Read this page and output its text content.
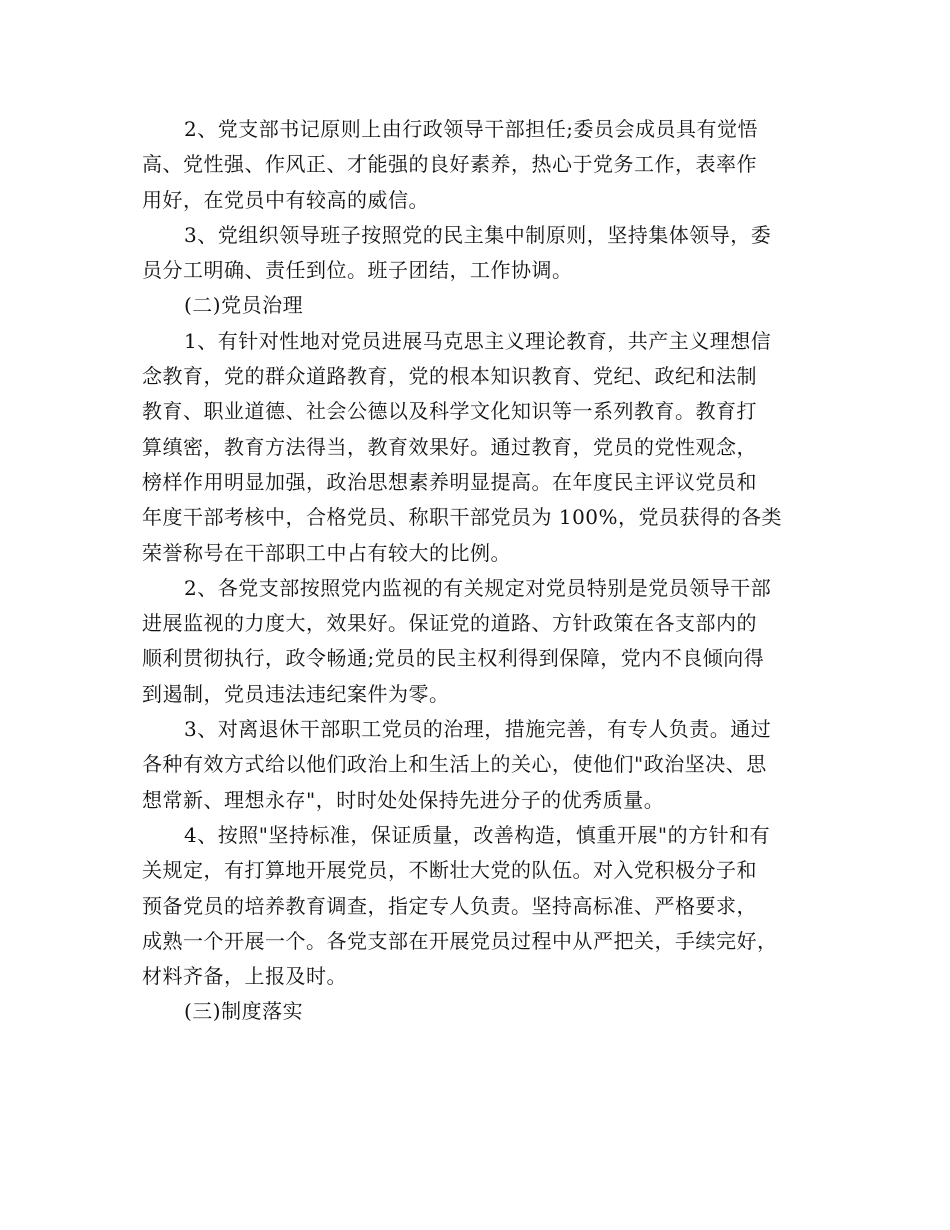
2、党支部书记原则上由行政领导干部担任;委员会成员具有觉悟
高、党性强、作风正、才能强的良好素养，热心于党务工作，表率作
用好，在党员中有较高的威信。
3、党组织领导班子按照党的民主集中制原则，坚持集体领导，委
员分工明确、责任到位。班子团结，工作协调。
(二)党员治理
1、有针对性地对党员进展马克思主义理论教育，共产主义理想信
念教育，党的群众道路教育，党的根本知识教育、党纪、政纪和法制
教育、职业道德、社会公德以及科学文化知识等一系列教育。教育打
算缜密，教育方法得当，教育效果好。通过教育，党员的党性观念，
榜样作用明显加强，政治思想素养明显提高。在年度民主评议党员和
年度干部考核中，合格党员、称职干部党员为 100%，党员获得的各类
荣誉称号在干部职工中占有较大的比例。
2、各党支部按照党内监视的有关规定对党员特别是党员领导干部
进展监视的力度大，效果好。保证党的道路、方针政策在各支部内的
顺利贯彻执行，政令畅通;党员的民主权利得到保障，党内不良倾向得
到遏制，党员违法违纪案件为零。
3、对离退休干部职工党员的治理，措施完善，有专人负责。通过
各种有效方式给以他们政治上和生活上的关心，使他们"政治坚决、思
想常新、理想永存"，时时处处保持先进分子的优秀质量。
4、按照"坚持标准，保证质量，改善构造，慎重开展"的方针和有
关规定，有打算地开展党员，不断壮大党的队伍。对入党积极分子和
预备党员的培养教育调查，指定专人负责。坚持高标准、严格要求，
成熟一个开展一个。各党支部在开展党员过程中从严把关，手续完好，
材料齐备，上报及时。
(三)制度落实
